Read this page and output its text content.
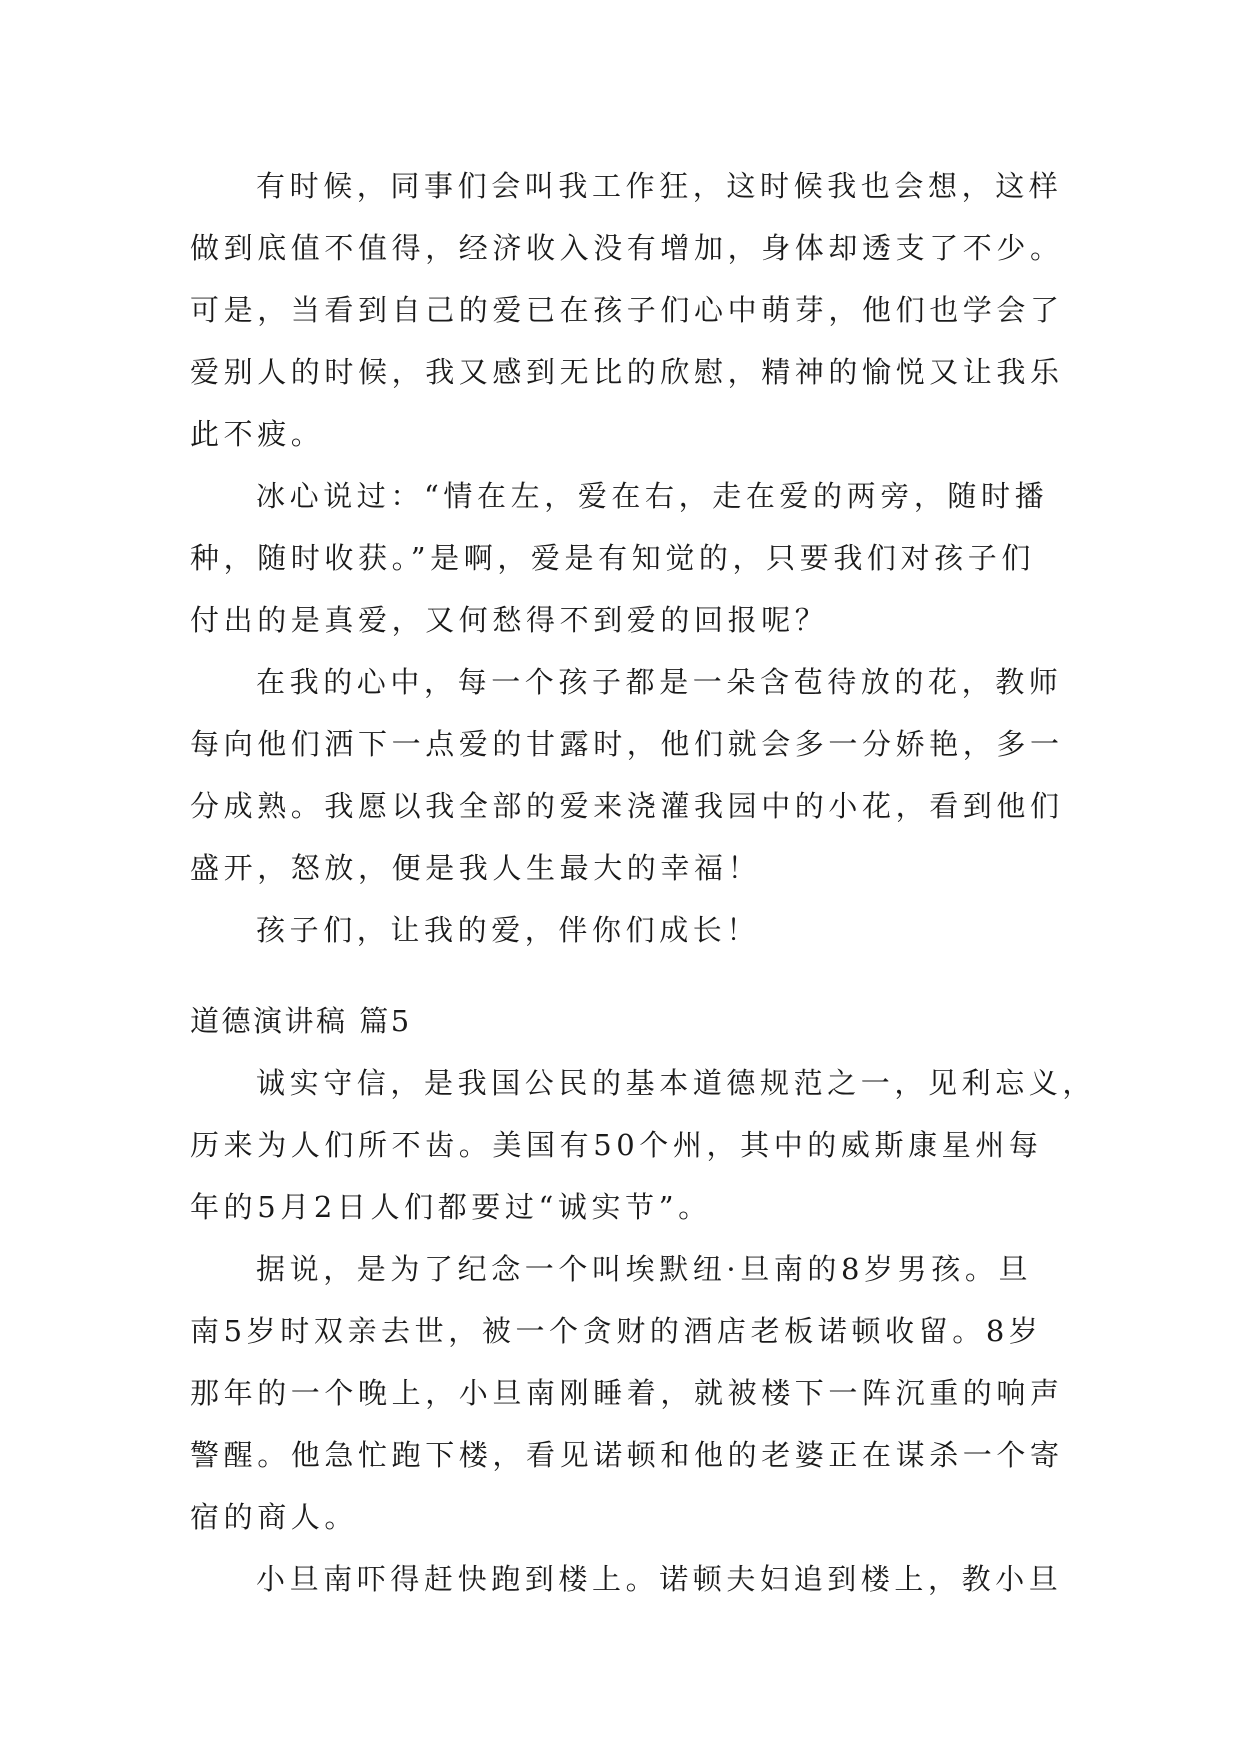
有时候，同事们会叫我工作狂，这时候我也会想，这样
做到底值不值得，经济收入没有增加，身体却透支了不少。
可是，当看到自己的爱已在孩子们心中萌芽，他们也学会了
爱别人的时候，我又感到无比的欣慰，精神的愉悦又让我乐
此不疲。
冰心说过：“情在左，爱在右，走在爱的两旁，随时播
种，随时收获。”是啊，爱是有知觉的，只要我们对孩子们
付出的是真爱，又何愁得不到爱的回报呢？
在我的心中，每一个孩子都是一朵含苞待放的花，教师
每向他们洒下一点爱的甘露时，他们就会多一分娇艳，多一
分成熟。我愿以我全部的爱来浇灌我园中的小花，看到他们
盛开，怒放，便是我人生最大的幸福！
孩子们，让我的爱，伴你们成长！
道德演讲稿 篇5
诚实守信，是我国公民的基本道德规范之一，见利忘义，
历来为人们所不齿。美国有50个州，其中的威斯康星州每
年的5月2日人们都要过“诚实节”。
据说，是为了纪念一个叫埃默纽·旦南的8岁男孩。旦
南5岁时双亲去世，被一个贪财的酒店老板诺顿收留。8岁
那年的一个晚上，小旦南刚睡着，就被楼下一阵沉重的响声
警醒。他急忙跑下楼，看见诺顿和他的老婆正在谋杀一个寄
宿的商人。
小旦南吓得赶快跑到楼上。诺顿夫妇追到楼上，教小旦
